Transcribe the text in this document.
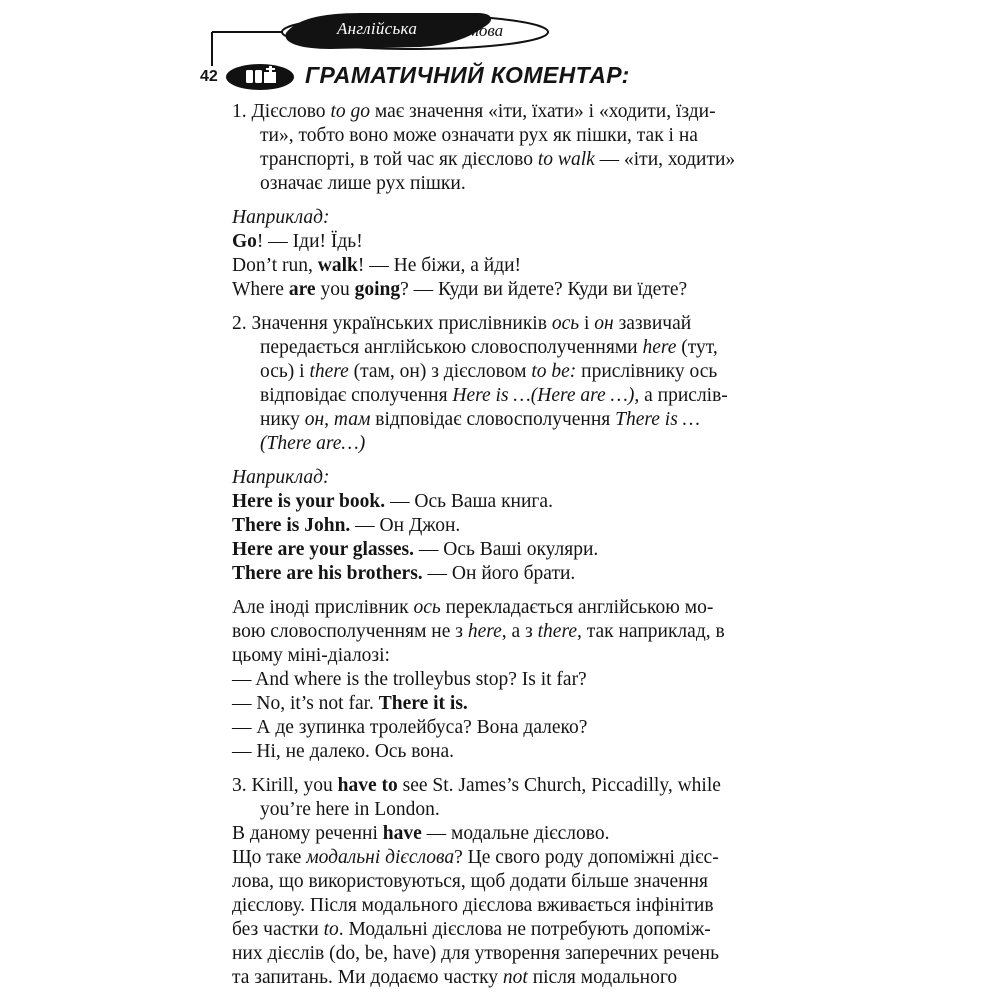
Англійська	мова
42	ГРАМАТИЧНИЙ КОМЕНТАР:
1. Дієслово to go має значення «іти, їхати» і «ходити, їзди-
ти», тобто воно може означати рух як пішки, так і на
транспорті, в той час як дієслово to walk — «іти, ходити»
означає лише рух пішки.
Наприклад:
Go! — Іди! Їдь!
Don’t run, walk! — Не біжи, а йди!
Where are you going? — Куди ви йдете? Куди ви їдете?
2. Значення українських прислівників ось і он зазвичай
передається англійською словосполученнями here (тут,
ось) і there (там, он) з дієсловом to be: прислівнику ось
відповідає сполучення Here is …(Here are …), а прислів-
нику он, там відповідає словосполучення There is …
(There are…)
Наприклад:
Here is your book. — Ось Ваша книга.
There is John. — Он Джон.
Here are your glasses. — Ось Ваші окуляри.
There are his brothers. — Он його брати.
Але іноді прислівник ось перекладається англійською мо-
вою словосполученням не з here, а з there, так наприклад, в
цьому міні-діалозі:
— And where is the trolleybus stop? Is it far?
— No, it’s not far. There it is.
— А де зупинка тролейбуса? Вона далеко?
— Ні, не далеко. Ось вона.
3. Kirill, you have to see St. James’s Church, Piccadilly, while
you’re here in London.
В даному реченні have — модальне дієслово.
Що таке модальні дієслова? Це свого роду допоміжні дієс-
лова, що використовуються, щоб додати більше значення
дієслову. Після модального дієслова вживається інфінітив
без частки to. Модальні дієслова не потребують допоміж-
них дієслів (do, be, have) для утворення заперечних речень
та запитань. Ми додаємо частку not після модального
